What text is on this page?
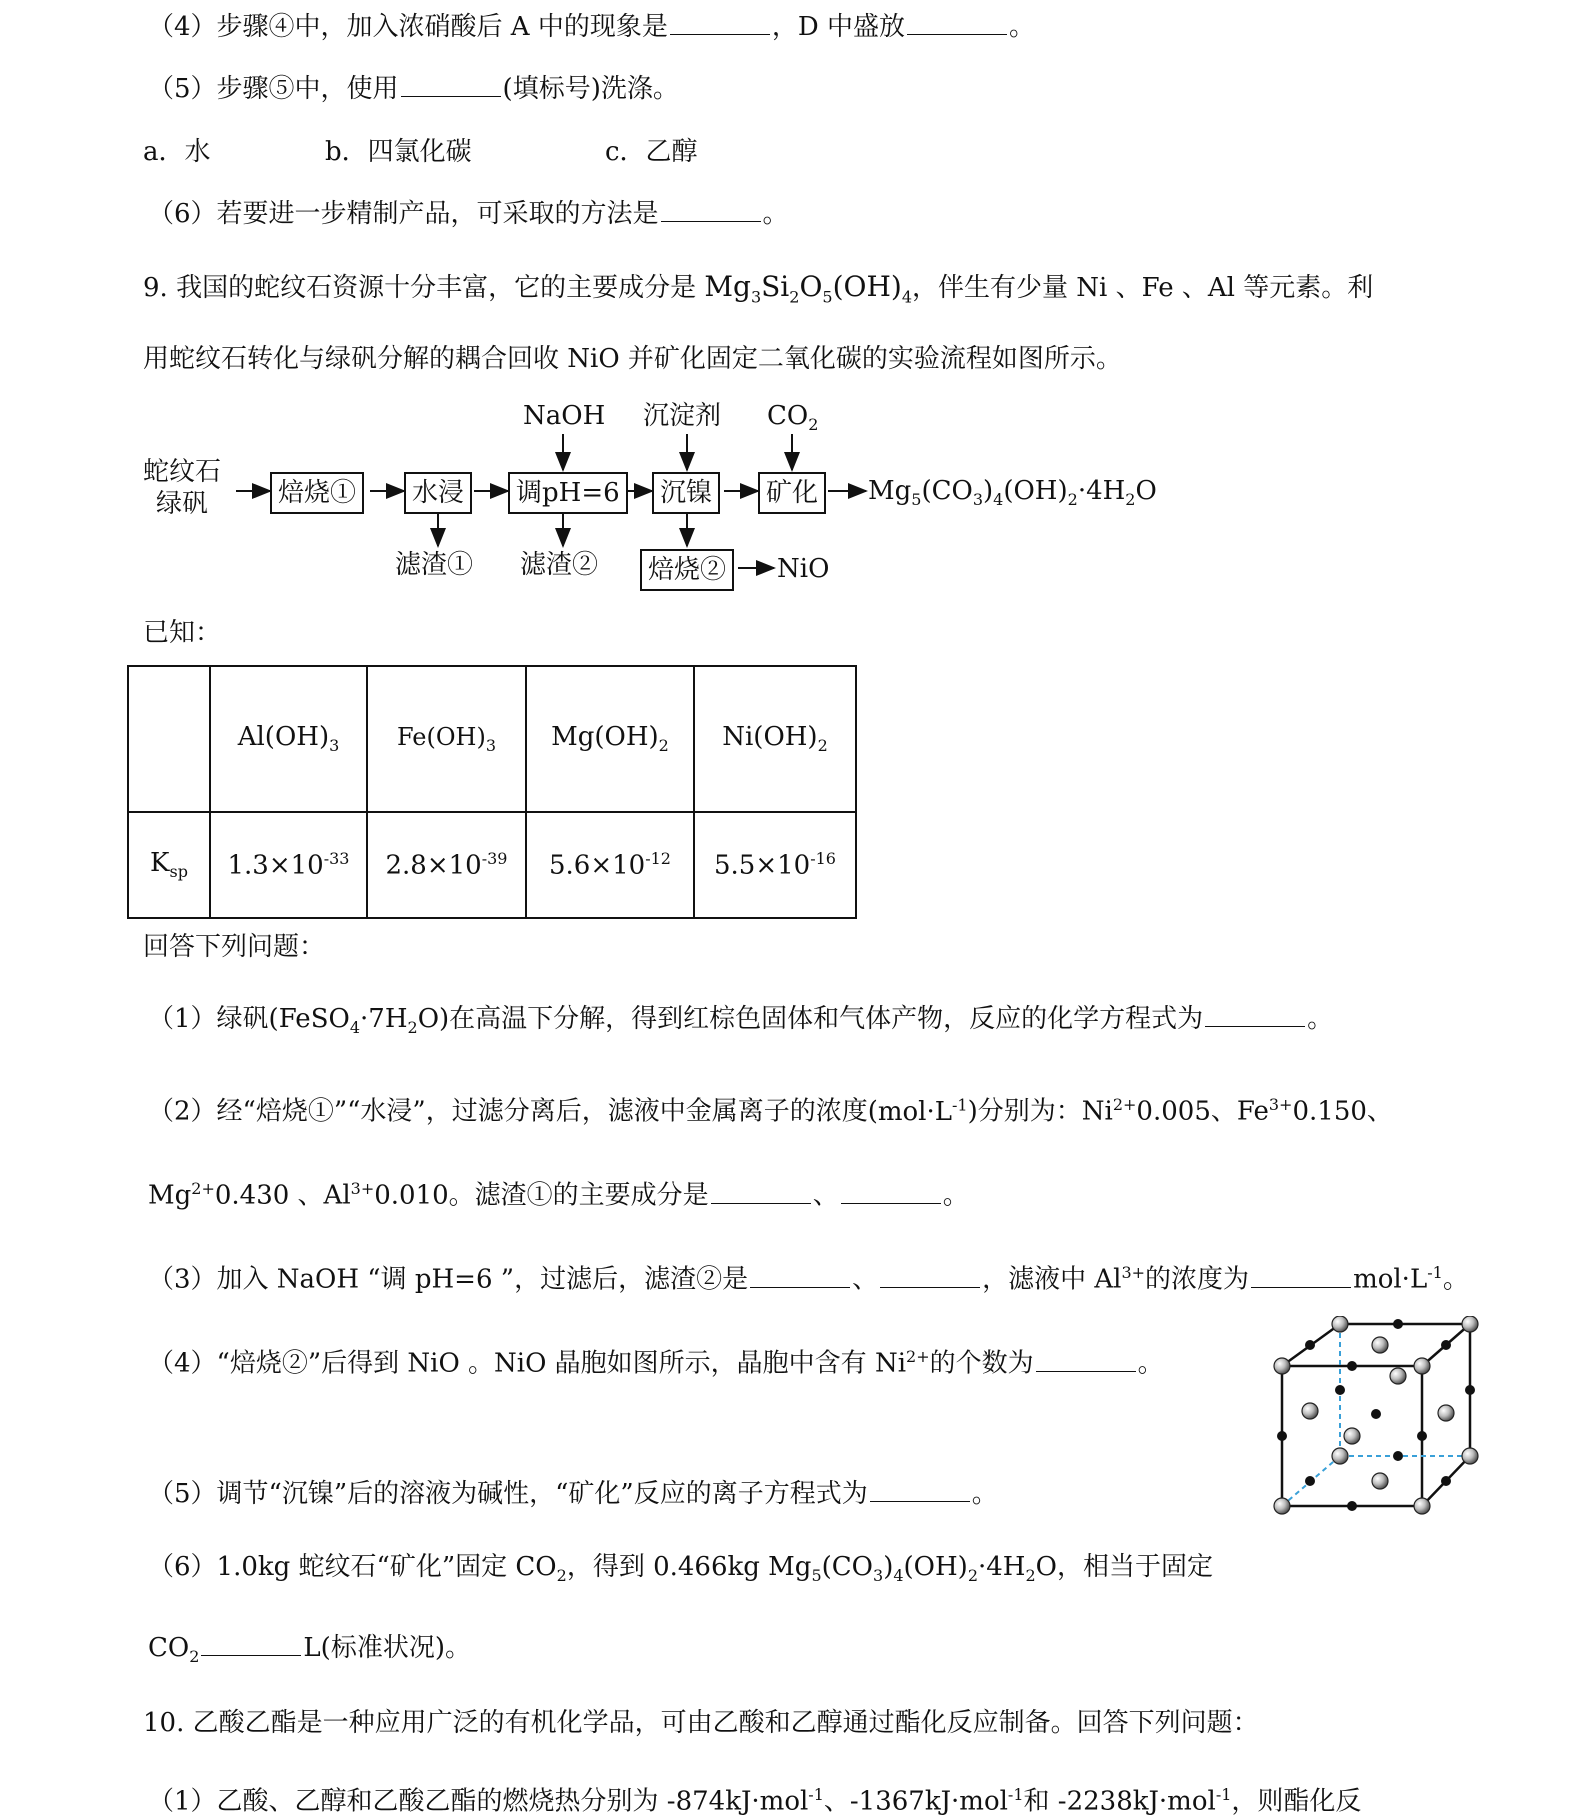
（4）步骤④中，加入浓硝酸后 A 中的现象是	，D 中盛放	。
（5）步骤⑤中，使用	(填标号)洗涤。
a．水	b．四氯化碳	c．乙醇
（6）若要进一步精制产品，可采取的方法是	。
9. 我国的蛇纹石资源十分丰富，它的主要成分是 $Mg_3Si_2O_5(OH)_4$，伴生有少量 Ni 、Fe 、Al 等元素。利
用蛇纹石转化与绿矾分解的耦合回收 NiO 并矿化固定二氧化碳的实验流程如图所示。
蛇纹石
绿矾	焙烧①	水浸	调pH=6	沉镍	矿化
焙烧②
NaOH 沉淀剂 $CO_2$
$Mg_5(CO_3)_4(OH)_2\cdot 4H_2O$
滤渣① 滤渣②	NiO
已知：
	$Al(OH)_3$	$Fe(OH)_3$	$Mg(OH)_2$	$Ni(OH)_2$
$K_{sp}$	$1.3\times 10^{-33}$	$2.8\times 10^{-39}$	$5.6\times 10^{-12}$	$5.5\times 10^{-16}$
回答下列问题：
（1）绿矾$(FeSO_4\cdot 7H_2O)$在高温下分解，得到红棕色固体和气体产物，反应的化学方程式为	。
（2）经“焙烧①”“水浸”，过滤分离后，滤液中金属离子的浓度$(mol\cdot L^{-1})$分别为：$Ni^{2+}0.005$、$Fe^{3+}0.150$、
$Mg^{2+}0.430$ 、$Al^{3+}0.010$。滤渣①的主要成分是	、	。
（3）加入 NaOH “调 pH=6 ”，过滤后，滤渣②是	、	，滤液中 $Al^{3+}$的浓度为	$mol\cdot L^{-1}$。
（4）“焙烧②”后得到 NiO 。NiO 晶胞如图所示，晶胞中含有 $Ni^{2+}$的个数为	。
（5）调节“沉镍”后的溶液为碱性，“矿化”反应的离子方程式为	。
（6）1.0kg 蛇纹石“矿化”固定 $CO_2$，得到 0.466kg $Mg_5(CO_3)_4(OH)_2\cdot 4H_2O$，相当于固定
$CO_2$	L(标准状况)。
10. 乙酸乙酯是一种应用广泛的有机化学品，可由乙酸和乙醇通过酯化反应制备。回答下列问题：
（1）乙酸、乙醇和乙酸乙酯的燃烧热分别为 -874kJ·mol$^{-1}$、-1367kJ·mol$^{-1}$和 -2238kJ·mol$^{-1}$，则酯化反
